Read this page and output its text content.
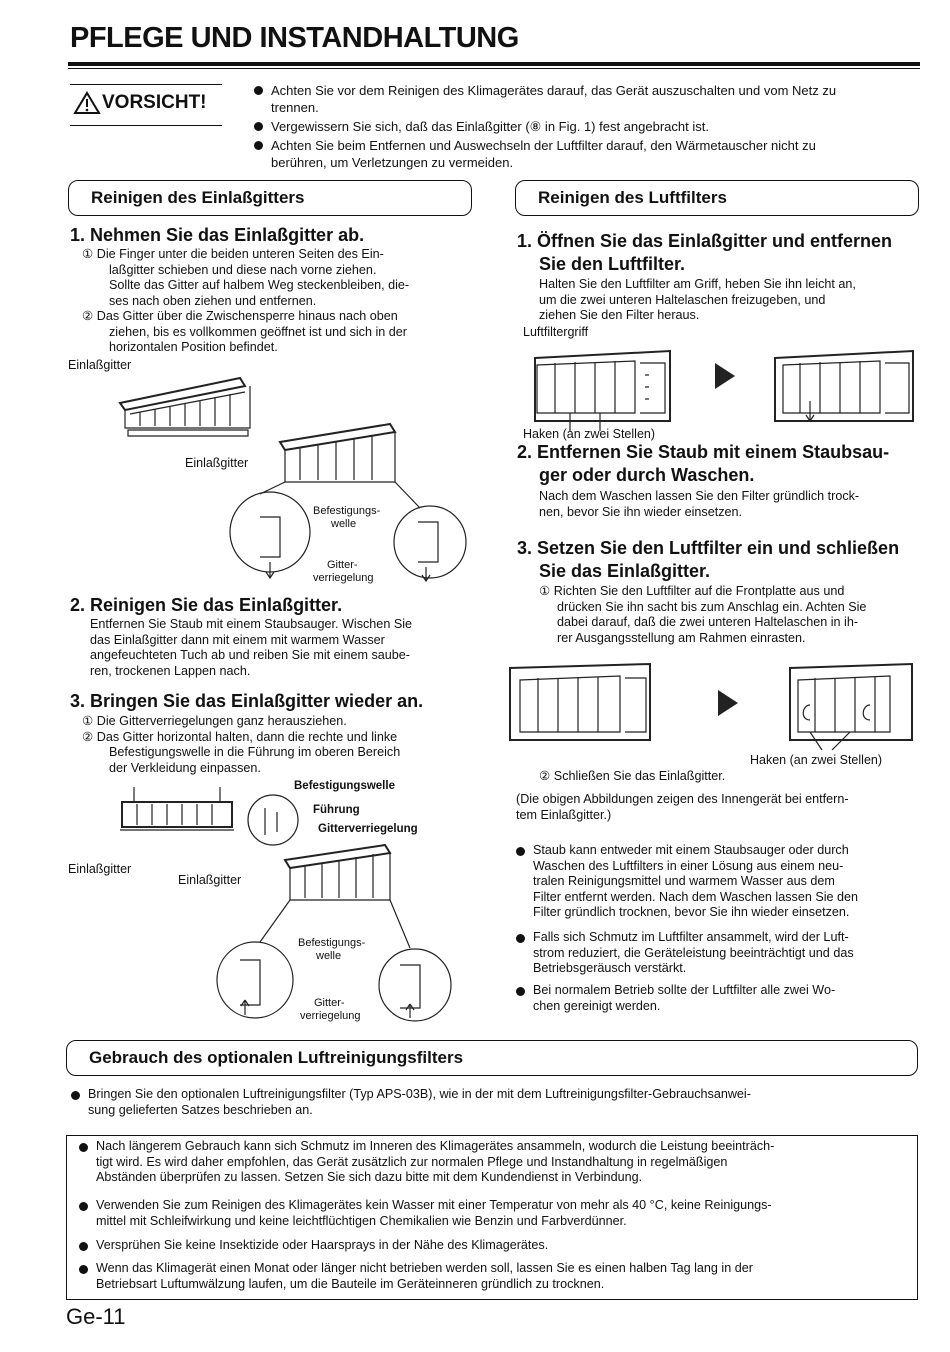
PFLEGE UND INSTANDHALTUNG
VORSICHT!
Achten Sie vor dem Reinigen des Klimagerätes darauf, das Gerät auszuschalten und vom Netz zu
trennen.
Vergewissern Sie sich, daß das Einlaßgitter (⑧ in Fig. 1) fest angebracht ist.
Achten Sie beim Entfernen und Auswechseln der Luftfilter darauf, den Wärmetauscher nicht zu
berühren, um Verletzungen zu vermeiden.
Reinigen des Einlaßgitters
1. Nehmen Sie das Einlaßgitter ab.
① Die Finger unter die beiden unteren Seiten des Ein-
laßgitter schieben und diese nach vorne ziehen.
Sollte das Gitter auf halbem Weg steckenbleiben, die-
ses nach oben ziehen und entfernen.
② Das Gitter über die Zwischensperre hinaus nach oben
ziehen, bis es vollkommen geöffnet ist und sich in der
horizontalen Position befindet.
Einlaßgitter
Einlaßgitter
Befestigungs-
welle
Gitter-
verriegelung
2. Reinigen Sie das Einlaßgitter.
Entfernen Sie Staub mit einem Staubsauger. Wischen Sie
das Einlaßgitter dann mit einem mit warmem Wasser
angefeuchteten Tuch ab und reiben Sie mit einem saube-
ren, trockenen Lappen nach.
3. Bringen Sie das Einlaßgitter wieder an.
① Die Gitterverriegelungen ganz herausziehen.
② Das Gitter horizontal halten, dann die rechte und linke
Befestigungswelle in die Führung im oberen Bereich
der Verkleidung einpassen.
Befestigungswelle
Führung
Gitterverriegelung
Einlaßgitter
Einlaßgitter
Befestigungs-
welle
Gitter-
verriegelung
Reinigen des Luftfilters
1. Öffnen Sie das Einlaßgitter und entfernen
Sie den Luftfilter.
Halten Sie den Luftfilter am Griff, heben Sie ihn leicht an,
um die zwei unteren Haltelaschen freizugeben, und
ziehen Sie den Filter heraus.
Luftfiltergriff
Haken (an zwei Stellen)
2. Entfernen Sie Staub mit einem Staubsau-
ger oder durch Waschen.
Nach dem Waschen lassen Sie den Filter gründlich trock-
nen, bevor Sie ihn wieder einsetzen.
3. Setzen Sie den Luftfilter ein und schließen
Sie das Einlaßgitter.
① Richten Sie den Luftfilter auf die Frontplatte aus und
drücken Sie ihn sacht bis zum Anschlag ein. Achten Sie
dabei darauf, daß die zwei unteren Haltelaschen in ih-
rer Ausgangsstellung am Rahmen einrasten.
Haken (an zwei Stellen)
② Schließen Sie das Einlaßgitter.
(Die obigen Abbildungen zeigen des Innengerät bei entfern-
tem Einlaßgitter.)
Staub kann entweder mit einem Staubsauger oder durch
Waschen des Luftfilters in einer Lösung aus einem neu-
tralen Reinigungsmittel und warmem Wasser aus dem
Filter entfernt werden. Nach dem Waschen lassen Sie den
Filter gründlich trocknen, bevor Sie ihn wieder einsetzen.
Falls sich Schmutz im Luftfilter ansammelt, wird der Luft-
strom reduziert, die Geräteleistung beeinträchtigt und das
Betriebsgeräusch verstärkt.
Bei normalem Betrieb sollte der Luftfilter alle zwei Wo-
chen gereinigt werden.
Gebrauch des optionalen Luftreinigungsfilters
Bringen Sie den optionalen Luftreinigungsfilter (Typ APS-03B), wie in der mit dem Luftreinigungsfilter-Gebrauchsanwei-
sung gelieferten Satzes beschrieben an.
Nach längerem Gebrauch kann sich Schmutz im Inneren des Klimagerätes ansammeln, wodurch die Leistung beeinträch-
tigt wird. Es wird daher empfohlen, das Gerät zusätzlich zur normalen Pflege und Instandhaltung in regelmäßigen
Abständen überprüfen zu lassen. Setzen Sie sich dazu bitte mit dem Kundendienst in Verbindung.
Verwenden Sie zum Reinigen des Klimagerätes kein Wasser mit einer Temperatur von mehr als 40 °C, keine Reinigungs-
mittel mit Schleifwirkung und keine leichtflüchtigen Chemikalien wie Benzin und Farbverdünner.
Versprühen Sie keine Insektizide oder Haarsprays in der Nähe des Klimagerätes.
Wenn das Klimagerät einen Monat oder länger nicht betrieben werden soll, lassen Sie es einen halben Tag lang in der
Betriebsart Luftumwälzung laufen, um die Bauteile im Geräteinneren gründlich zu trocknen.
Ge-11
